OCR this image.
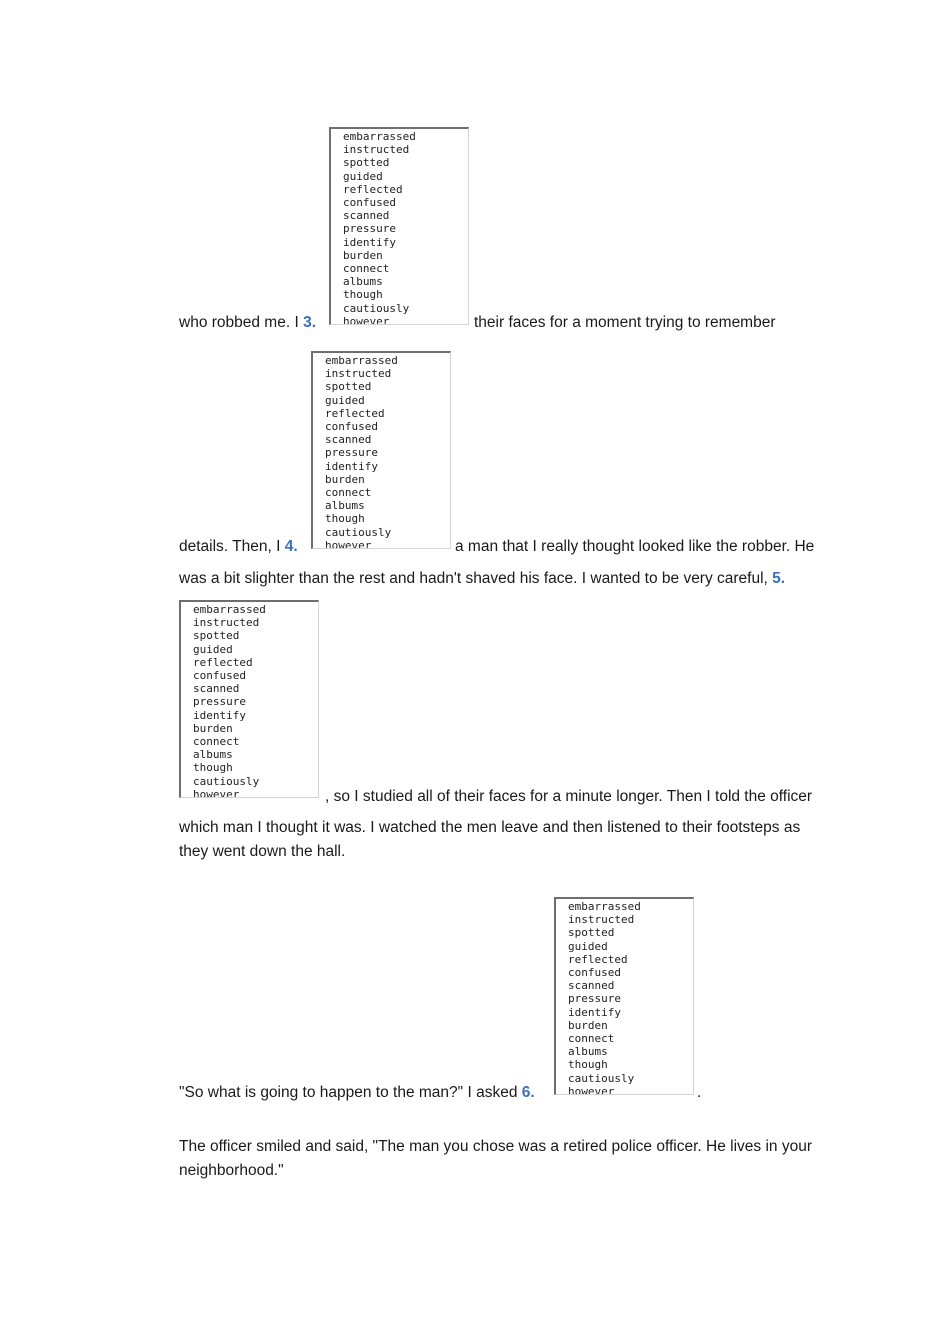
embarrassed
instructed
spotted
guided
reflected
confused
scanned
pressure
identify
burden
connect
albums
though
cautiously
however
who robbed me. I 3.	their faces for a moment trying to remember
embarrassed
instructed
spotted
guided
reflected
confused
scanned
pressure
identify
burden
connect
albums
though
cautiously
however
details. Then, I 4.	a man that I really thought looked like the robber. He
was a bit slighter than the rest and hadn't shaved his face. I wanted to be very careful, 5.
embarrassed
instructed
spotted
guided
reflected
confused
scanned
pressure
identify
burden
connect
albums
though
cautiously
however	, so I studied all of their faces for a minute longer. Then I told the officer
which man I thought it was. I watched the men leave and then listened to their footsteps as
they went down the hall.
embarrassed
instructed
spotted
guided
reflected
confused
scanned
pressure
identify
burden
connect
albums
though
cautiously
however
"So what is going to happen to the man?" I asked 6.	.
The officer smiled and said, "The man you chose was a retired police officer. He lives in your
neighborhood."
